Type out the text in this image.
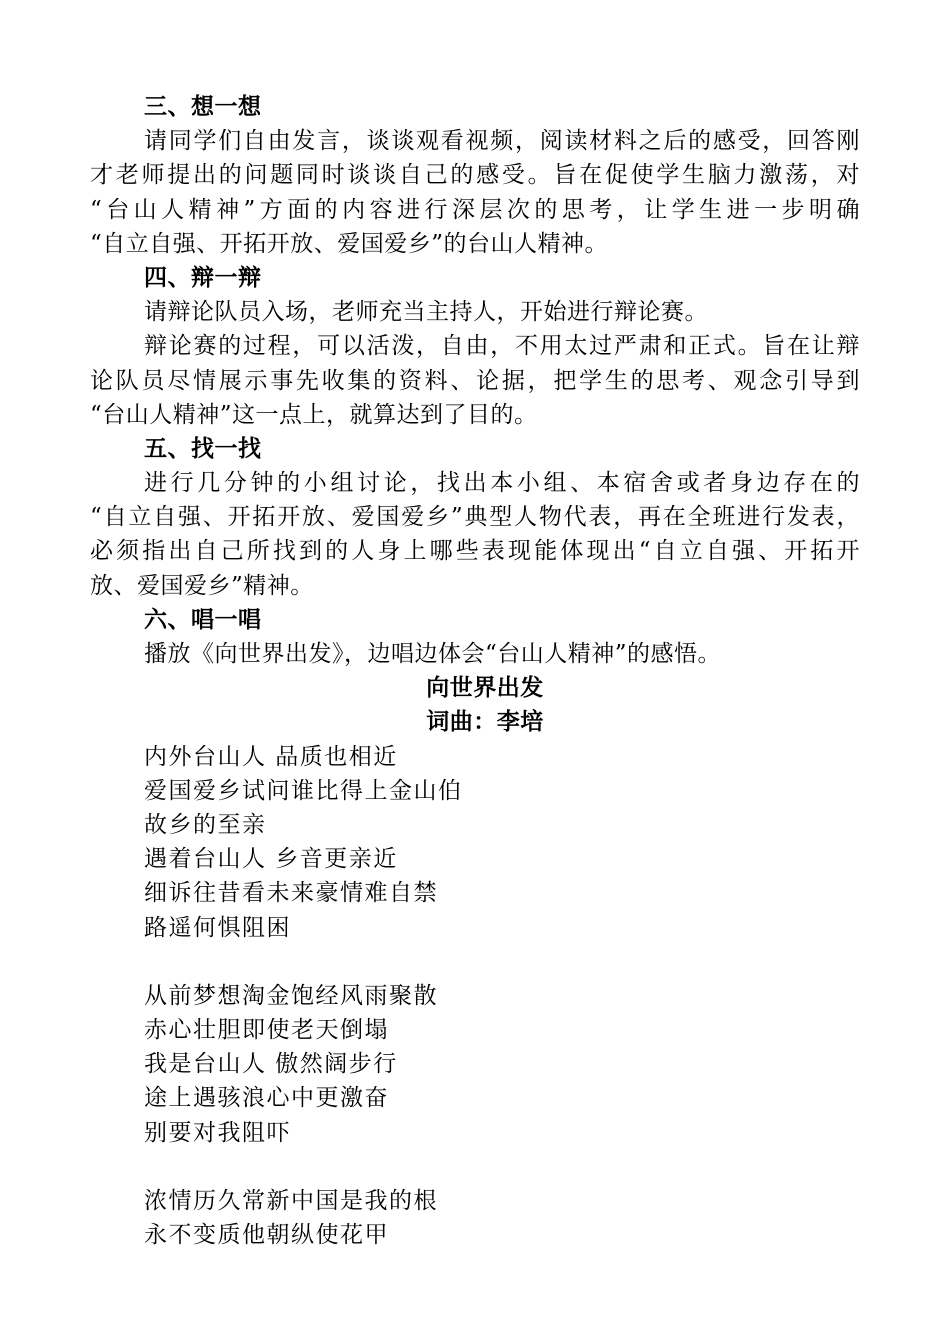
三、想一想
请同学们自由发言，谈谈观看视频，阅读材料之后的感受，回答刚
才老师提出的问题同时谈谈自己的感受。旨在促使学生脑力激荡，对
“台山人精神”方面的内容进行深层次的思考，让学生进一步明确
“自立自强、开拓开放、爱国爱乡”的台山人精神。
四、辩一辩
请辩论队员入场，老师充当主持人，开始进行辩论赛。
辩论赛的过程，可以活泼，自由，不用太过严肃和正式。旨在让辩
论队员尽情展示事先收集的资料、论据，把学生的思考、观念引导到
“台山人精神”这一点上，就算达到了目的。
五、找一找
进行几分钟的小组讨论，找出本小组、本宿舍或者身边存在的
“自立自强、开拓开放、爱国爱乡”典型人物代表，再在全班进行发表，
必须指出自己所找到的人身上哪些表现能体现出“自立自强、开拓开
放、爱国爱乡”精神。
六、唱一唱
播放《向世界出发》，边唱边体会“台山人精神”的感悟。
向世界出发
词曲：李培
内外台山人 品质也相近
爱国爱乡试问谁比得上金山伯
故乡的至亲
遇着台山人 乡音更亲近
细诉往昔看未来豪情难自禁
路遥何惧阻困
从前梦想淘金饱经风雨聚散
赤心壮胆即使老天倒塌
我是台山人 傲然阔步行
途上遇骇浪心中更激奋
别要对我阻吓
浓情历久常新中国是我的根
永不变质他朝纵使花甲
